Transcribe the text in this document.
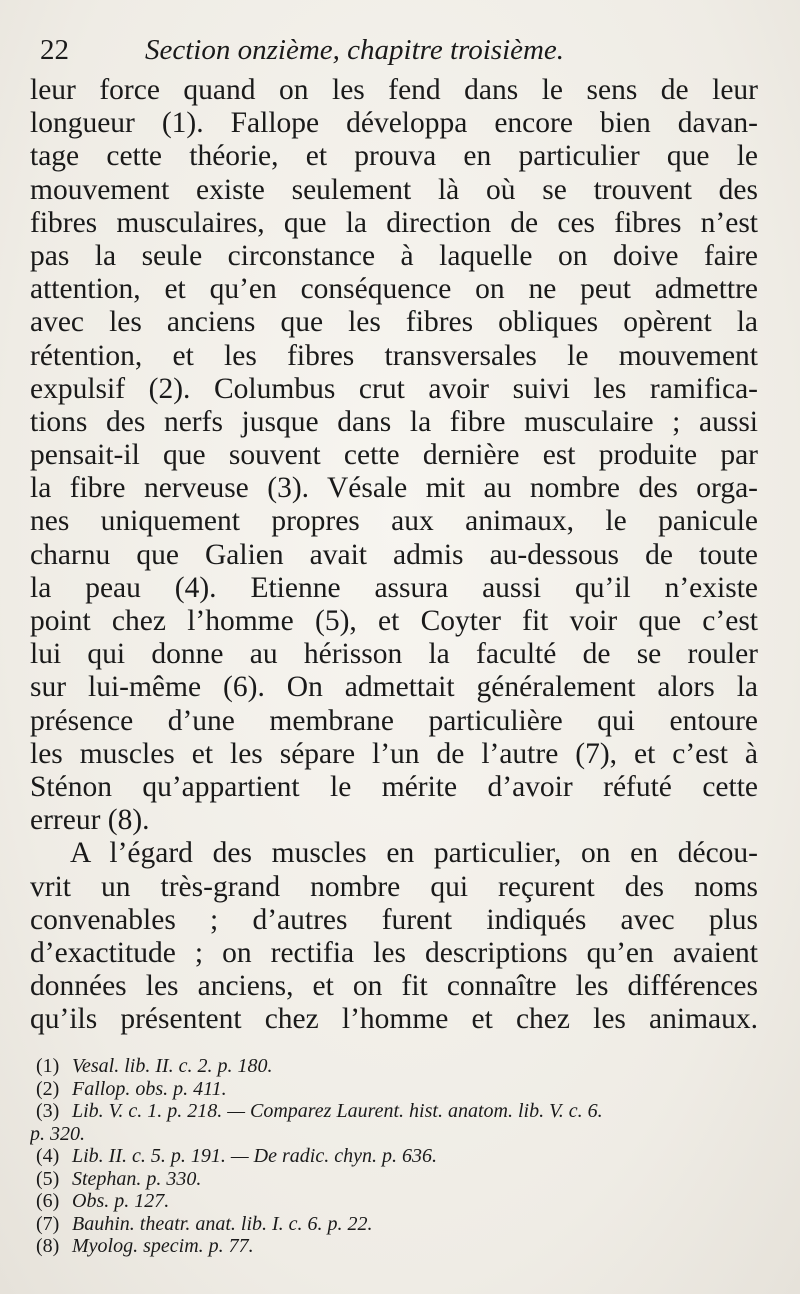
22	Section onzième, chapitre troisième.
leur force quand on les fend dans le sens de leur
longueur (1). Fallope développa encore bien davan-
tage cette théorie, et prouva en particulier que le
mouvement existe seulement là où se trouvent des
fibres musculaires, que la direction de ces fibres n’est
pas la seule circonstance à laquelle on doive faire
attention, et qu’en conséquence on ne peut admettre
avec les anciens que les fibres obliques opèrent la
rétention, et les fibres transversales le mouvement
expulsif (2). Columbus crut avoir suivi les ramifica-
tions des nerfs jusque dans la fibre musculaire ; aussi
pensait-il que souvent cette dernière est produite par
la fibre nerveuse (3). Vésale mit au nombre des orga-
nes uniquement propres aux animaux, le panicule
charnu que Galien avait admis au-dessous de toute
la peau (4). Etienne assura aussi qu’il n’existe
point chez l’homme (5), et Coyter fit voir que c’est
lui qui donne au hérisson la faculté de se rouler
sur lui-même (6). On admettait généralement alors la
présence d’une membrane particulière qui entoure
les muscles et les sépare l’un de l’autre (7), et c’est à
Sténon qu’appartient le mérite d’avoir réfuté cette
erreur (8).
A l’égard des muscles en particulier, on en décou-
vrit un très-grand nombre qui reçurent des noms
convenables ; d’autres furent indiqués avec plus
d’exactitude ; on rectifia les descriptions qu’en avaient
données les anciens, et on fit connaître les différences
qu’ils présentent chez l’homme et chez les animaux.
(1) Vesal. lib. II. c. 2. p. 180.
(2) Fallop. obs. p. 411.
(3) Lib. V. c. 1. p. 218. — Comparez Laurent. hist. anatom. lib. V. c. 6.
p. 320.
(4) Lib. II. c. 5. p. 191. — De radic. chyn. p. 636.
(5) Stephan. p. 330.
(6) Obs. p. 127.
(7) Bauhin. theatr. anat. lib. I. c. 6. p. 22.
(8) Myolog. specim. p. 77.
